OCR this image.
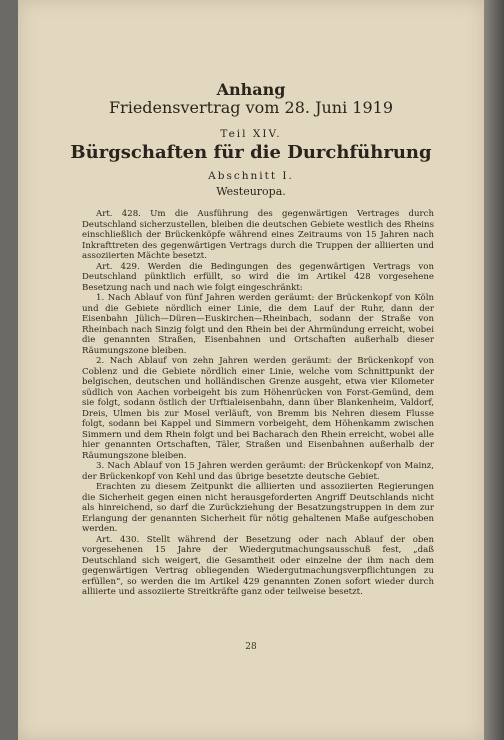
Anhang
Friedensvertrag vom 28. Juni 1919
Teil XIV.
Bürgschaften für die Durchführung
Abschnitt I.
Westeuropa.

Art. 428. Um die Ausführung des gegenwärtigen Vertrages durch Deutschland sicherzustellen, bleiben die deutschen Gebiete westlich des Rheins einschließlich der Brückenköpfe während eines Zeitraums von 15 Jahren nach Inkrafttreten des gegenwärtigen Vertrags durch die Truppen der alliierten und assoziierten Mächte besetzt.

Art. 429. Werden die Bedingungen des gegenwärtigen Vertrags von Deutschland pünktlich erfüllt, so wird die im Artikel 428 vorgesehene Besetzung nach und nach wie folgt eingeschränkt:

1. Nach Ablauf von fünf Jahren werden geräumt: der Brückenkopf von Köln und die Gebiete nördlich einer Linie, die dem Lauf der Ruhr, dann der Eisenbahn Jülich—Düren—Euskirchen—Rheinbach, sodann der Straße von Rheinbach nach Sinzig folgt und den Rhein bei der Ahrmündung erreicht, wobei die genannten Straßen, Eisenbahnen und Ortschaften außerhalb dieser Räumungszone bleiben.

2. Nach Ablauf von zehn Jahren werden geräumt: der Brückenkopf von Coblenz und die Gebiete nördlich einer Linie, welche vom Schnittpunkt der belgischen, deutschen und holländischen Grenze ausgeht, etwa vier Kilometer südlich von Aachen vorbeigeht bis zum Höhenrücken von Forst-Gemünd, dem sie folgt, sodann östlich der Urftialeisenbahn, dann über Blankenheim, Valdorf, Dreis, Ulmen bis zur Mosel verläuft, von Bremm bis Nehren diesem Flusse folgt, sodann bei Kappel und Simmern vorbeigeht, dem Höhenkamm zwischen Simmern und dem Rhein folgt und bei Bacharach den Rhein erreicht, wobei alle hier genannten Ortschaften, Täler, Straßen und Eisenbahnen außerhalb der Räumungszone bleiben.

3. Nach Ablauf von 15 Jahren werden geräumt: der Brückenkopf von Mainz, der Brückenkopf von Kehl und das übrige besetzte deutsche Gebiet.

Erachten zu diesem Zeitpunkt die alliierten und assoziierten Regierungen die Sicherheit gegen einen nicht herausgeforderten Angriff Deutschlands nicht als hinreichend, so darf die Zurückziehung der Besatzungstruppen in dem zur Erlangung der genannten Sicherheit für nötig gehaltenen Maße aufgeschoben werden.

Art. 430. Stellt während der Besetzung oder nach Ablauf der oben vorgesehenen 15 Jahre der Wiedergutmachungsausschuß fest, „daß Deutschland sich weigert, die Gesamtheit oder einzelne der ihm nach dem gegenwärtigen Vertrag obliegenden Wiedergutmachungsverpflichtungen zu erfüllen“, so werden die im Artikel 429 genannten Zonen sofort wieder durch alliierte und assoziierte Streitkräfte ganz oder teilweise besetzt.

28
